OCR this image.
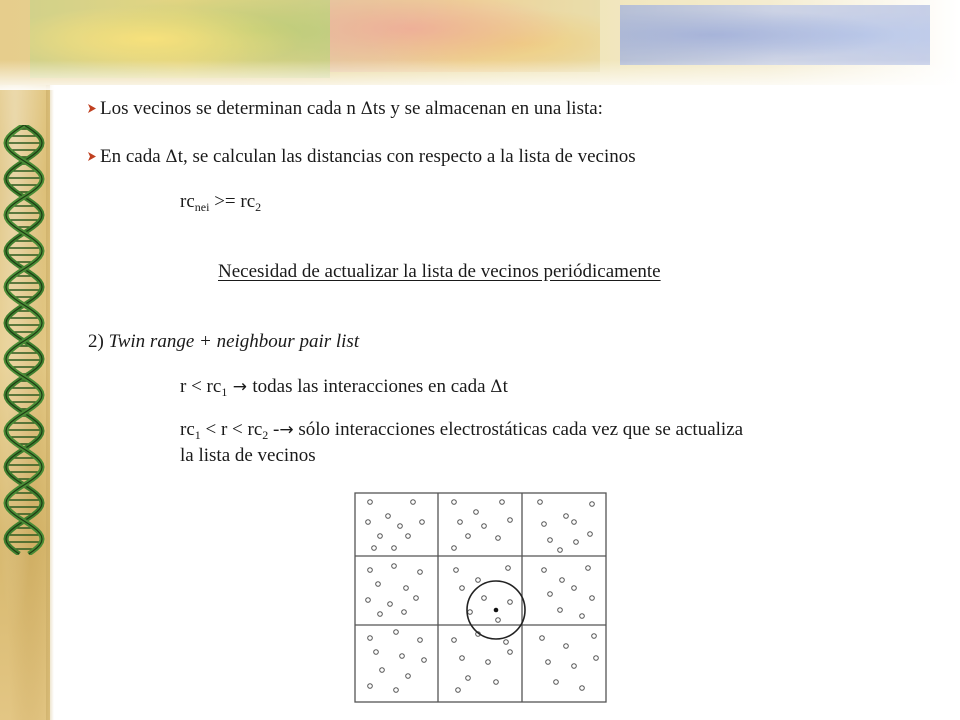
Los vecinos se determinan cada n Δts y se almacenan en una lista:
En cada Δt, se calculan las distancias con respecto a la lista de vecinos
$rc_{nei} >= rc_2$
Necesidad de actualizar la lista de vecinos periódicamente
2) Twin range + neighbour pair list
$r < rc_1$ → todas las interacciones en cada Δt
$rc_1 < r < rc_2$ -→ sólo interacciones electrostáticas cada vez que se actualiza
la lista de vecinos
